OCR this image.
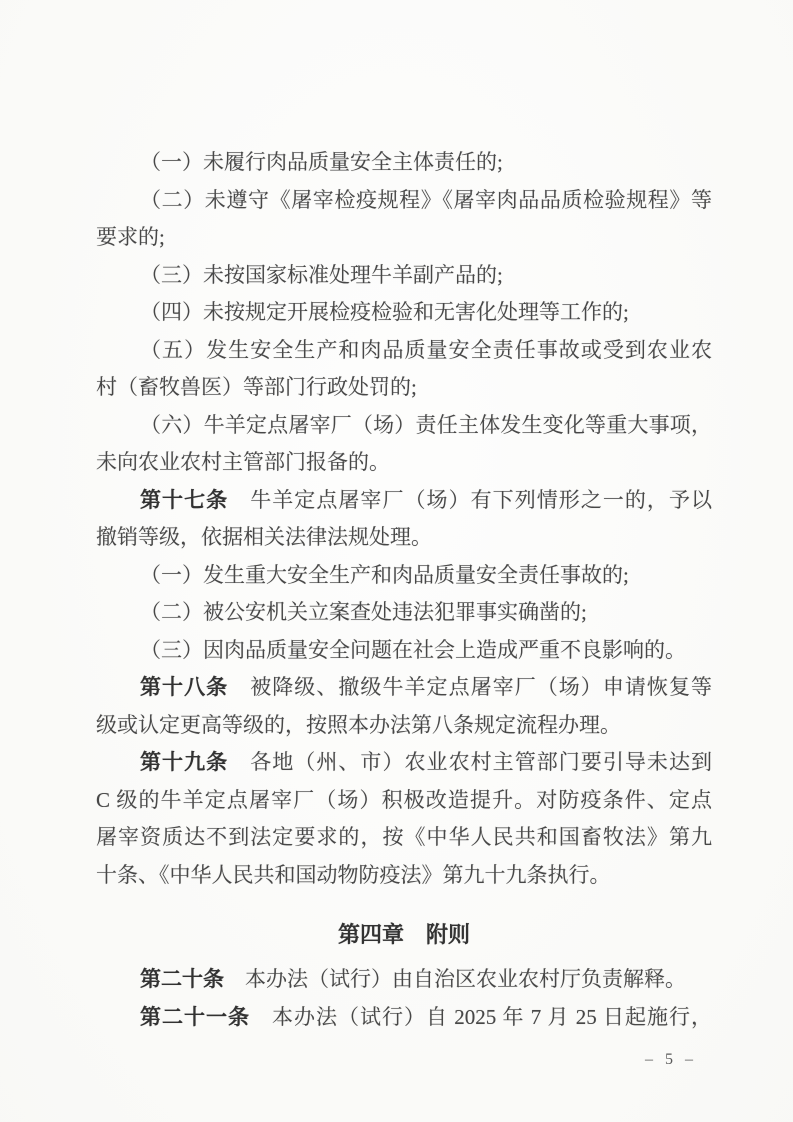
（一）未履行肉品质量安全主体责任的;
（二）未遵守《屠宰检疫规程》《屠宰肉品品质检验规程》等
要求的;
（三）未按国家标准处理牛羊副产品的;
（四）未按规定开展检疫检验和无害化处理等工作的;
（五）发生安全生产和肉品质量安全责任事故或受到农业农
村（畜牧兽医）等部门行政处罚的;
（六）牛羊定点屠宰厂（场）责任主体发生变化等重大事项，
未向农业农村主管部门报备的。
第十七条　牛羊定点屠宰厂（场）有下列情形之一的，予以
撤销等级，依据相关法律法规处理。
（一）发生重大安全生产和肉品质量安全责任事故的;
（二）被公安机关立案查处违法犯罪事实确凿的;
（三）因肉品质量安全问题在社会上造成严重不良影响的。
第十八条　被降级、撤级牛羊定点屠宰厂（场）申请恢复等
级或认定更高等级的，按照本办法第八条规定流程办理。
第十九条　各地（州、市）农业农村主管部门要引导未达到
C 级的牛羊定点屠宰厂（场）积极改造提升。对防疫条件、定点
屠宰资质达不到法定要求的，按《中华人民共和国畜牧法》第九
十条、《中华人民共和国动物防疫法》第九十九条执行。
第四章　附则
第二十条　本办法（试行）由自治区农业农村厅负责解释。
第二十一条　本办法（试行）自 2025 年 7 月 25 日起施行，
– 5 –
